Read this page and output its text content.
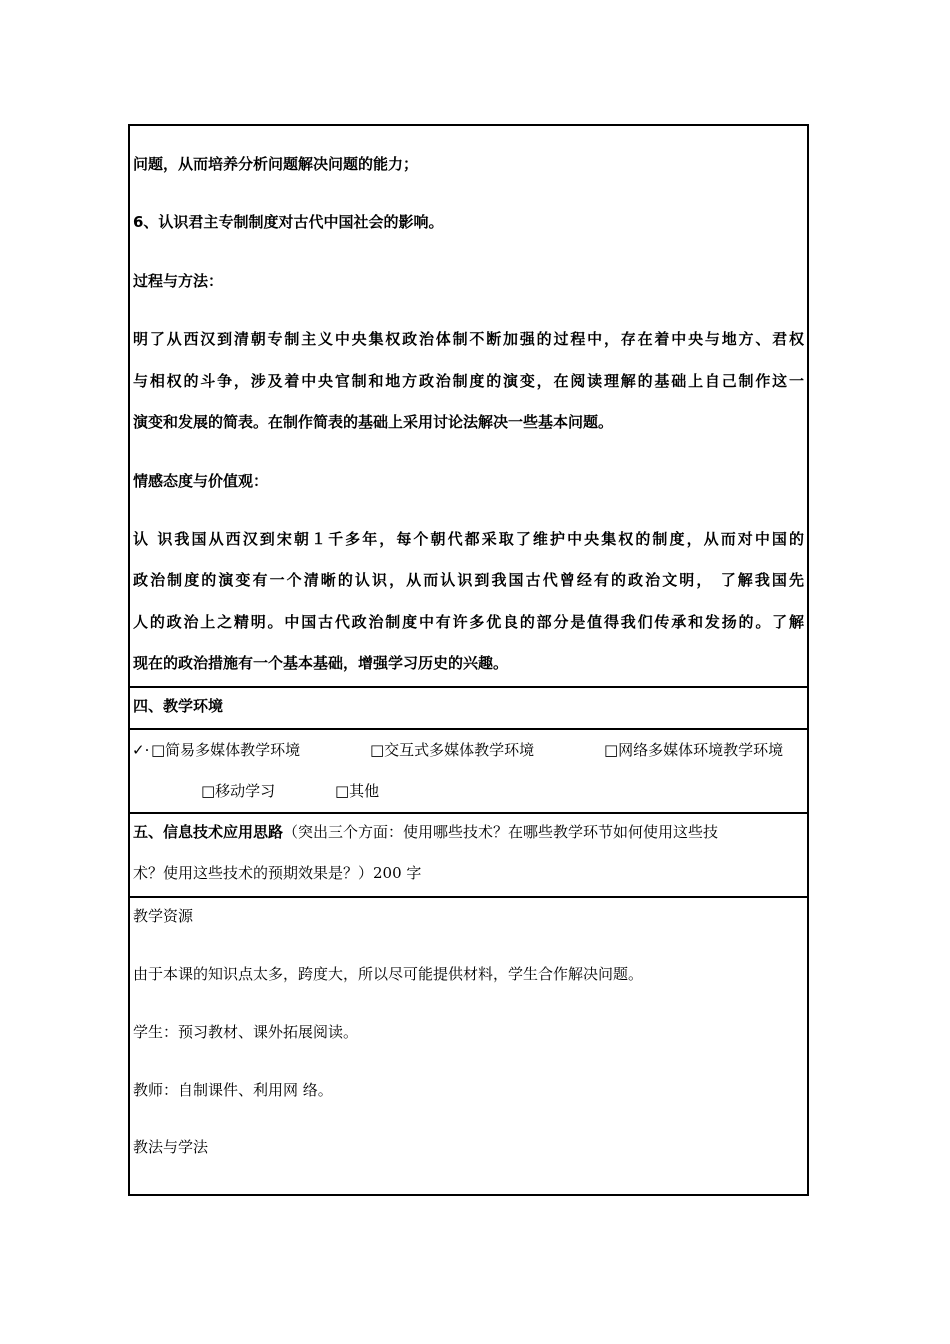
问题，从而培养分析问题解决问题的能力；
6、认识君主专制制度对古代中国社会的影响。
过程与方法：
明了从西汉到清朝专制主义中央集权政治体制不断加强的过程中，存在着中央与地方、君权
与相权的斗争，涉及着中央官制和地方政治制度的演变，在阅读理解的基础上自己制作这一
演变和发展的简表。在制作简表的基础上采用讨论法解决一些基本问题。
情感态度与价值观：
认 识我国从西汉到宋朝１千多年，每个朝代都采取了维护中央集权的制度，从而对中国的
政治制度的演变有一个清晰的认识，从而认识到我国古代曾经有的政治文明， 了解我国先
人的政治上之精明。中国古代政治制度中有许多优良的部分是值得我们传承和发扬的。了解
现在的政治措施有一个基本基础，增强学习历史的兴趣。
四、教学环境
✓· □简易多媒体教学环境	□交互式多媒体教学环境	□网络多媒体环境教学环境
□移动学习	□其他
五、信息技术应用思路（突出三个方面：使用哪些技术？在哪些教学环节如何使用这些技
术？使用这些技术的预期效果是？）200 字
教学资源
由于本课的知识点太多，跨度大，所以尽可能提供材料，学生合作解决问题。
学生：预习教材、课外拓展阅读。
教师：自制课件、利用网 络。
教法与学法
